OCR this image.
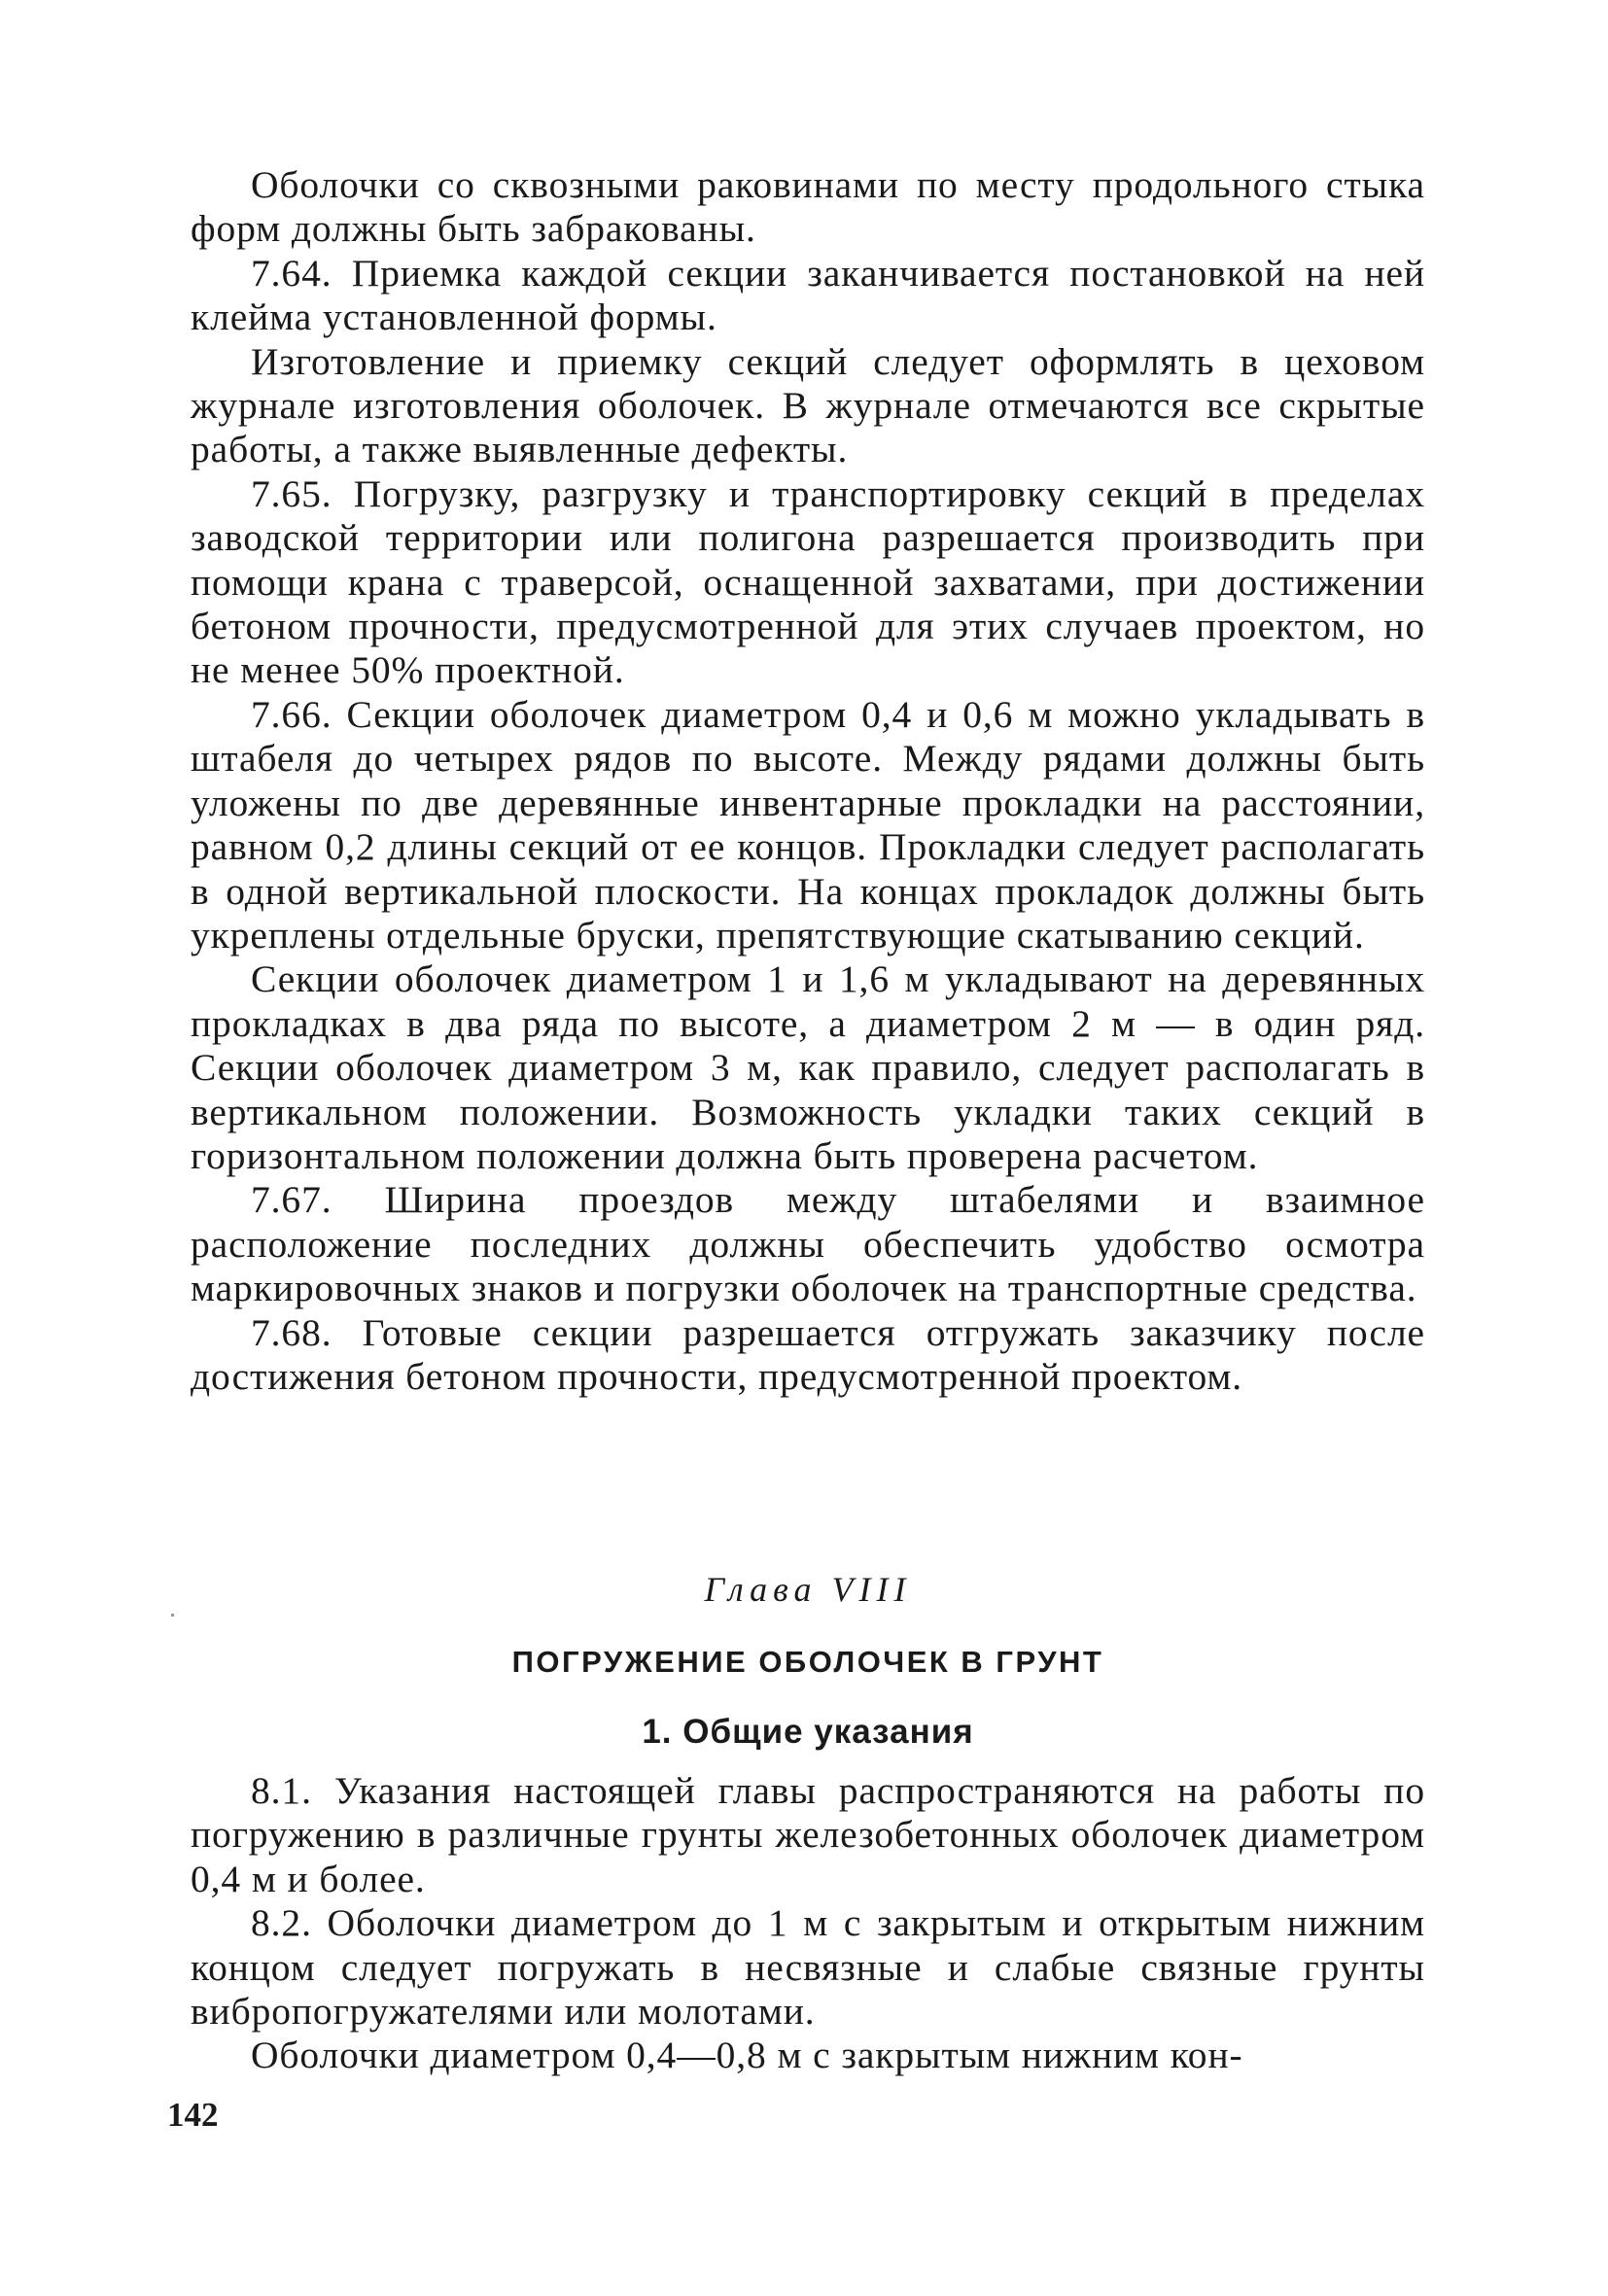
Оболочки со сквозными раковинами по месту продольного стыка форм должны быть забракованы.

7.64. Приемка каждой секции заканчивается постановкой на ней клейма установленной формы.

Изготовление и приемку секций следует оформлять в цеховом журнале изготовления оболочек. В журнале отмечаются все скрытые работы, а также выявленные дефекты.

7.65. Погрузку, разгрузку и транспортировку секций в пределах заводской территории или полигона разрешается производить при помощи крана с траверсой, оснащенной захватами, при достижении бетоном прочности, предусмотренной для этих случаев проектом, но не менее 50% проектной.

7.66. Секции оболочек диаметром 0,4 и 0,6 м можно укладывать в штабеля до четырех рядов по высоте. Между рядами должны быть уложены по две деревянные инвентарные прокладки на расстоянии, равном 0,2 длины секций от ее концов. Прокладки следует располагать в одной вертикальной плоскости. На концах прокладок должны быть укреплены отдельные бруски, препятствующие скатыванию секций.

Секции оболочек диаметром 1 и 1,6 м укладывают на деревянных прокладках в два ряда по высоте, а диаметром 2 м — в один ряд. Секции оболочек диаметром 3 м, как правило, следует располагать в вертикальном положении. Возможность укладки таких секций в горизонтальном положении должна быть проверена расчетом.

7.67. Ширина проездов между штабелями и взаимное расположение последних должны обеспечить удобство осмотра маркировочных знаков и погрузки оболочек на транспортные средства.

7.68. Готовые секции разрешается отгружать заказчику после достижения бетоном прочности, предусмотренной проектом.

Глава VIII
ПОГРУЖЕНИЕ ОБОЛОЧЕК В ГРУНТ
1. Общие указания

8.1. Указания настоящей главы распространяются на работы по погружению в различные грунты железобетонных оболочек диаметром 0,4 м и более.

8.2. Оболочки диаметром до 1 м с закрытым и открытым нижним концом следует погружать в несвязные и слабые связные грунты вибропогружателями или молотами.

Оболочки диаметром 0,4—0,8 м с закрытым нижним кон-

142
